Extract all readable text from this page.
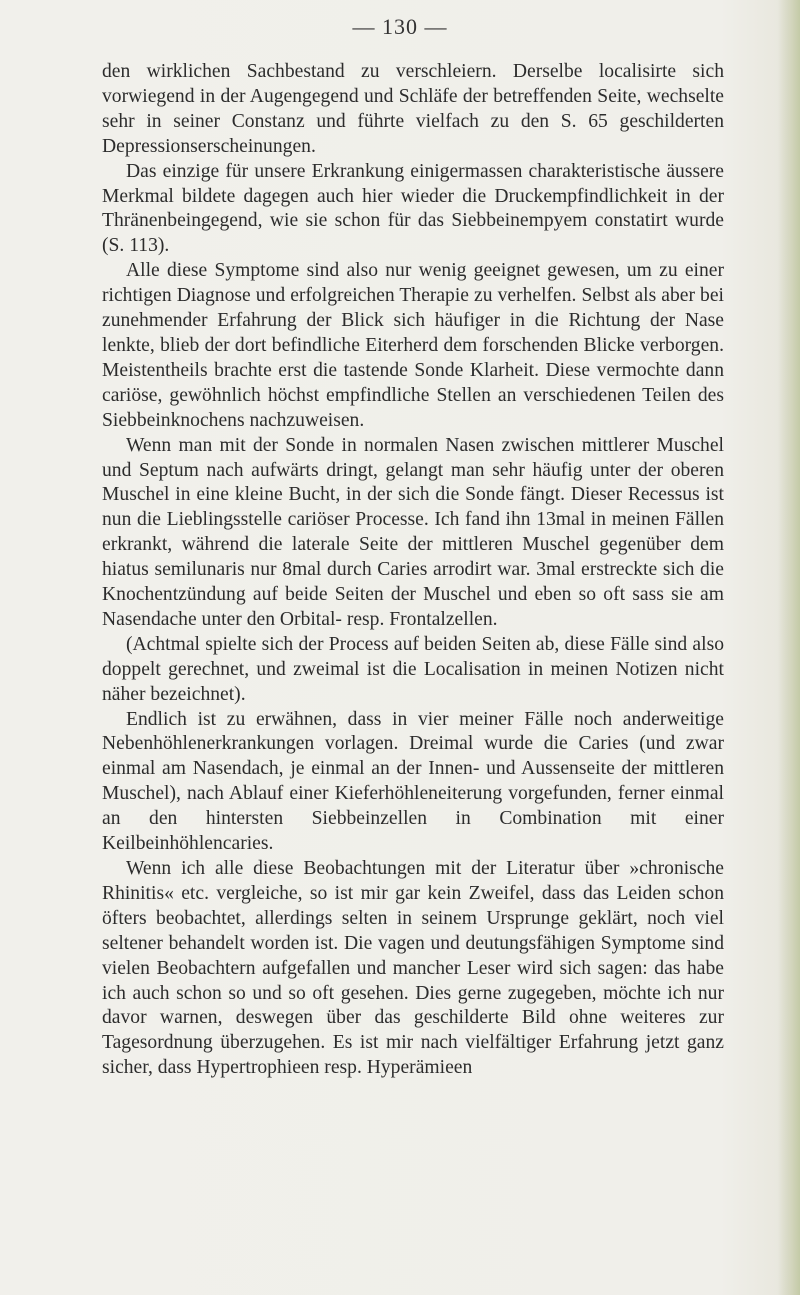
— 130 —

den wirklichen Sachbestand zu verschleiern. Derselbe localisirte sich vorwiegend in der Augengegend und Schläfe der betreffenden Seite, wechselte sehr in seiner Constanz und führte vielfach zu den S. 65 geschilderten Depressionserscheinungen.

Das einzige für unsere Erkrankung einigermassen charakteristische äussere Merkmal bildete dagegen auch hier wieder die Druckempfindlichkeit in der Thränenbeingegend, wie sie schon für das Siebbeinempyem constatirt wurde (S. 113).

Alle diese Symptome sind also nur wenig geeignet gewesen, um zu einer richtigen Diagnose und erfolgreichen Therapie zu verhelfen. Selbst als aber bei zunehmender Erfahrung der Blick sich häufiger in die Richtung der Nase lenkte, blieb der dort befindliche Eiterherd dem forschenden Blicke verborgen. Meistentheils brachte erst die tastende Sonde Klarheit. Diese vermochte dann cariöse, gewöhnlich höchst empfindliche Stellen an verschiedenen Teilen des Siebbeinknochens nachzuweisen.

Wenn man mit der Sonde in normalen Nasen zwischen mittlerer Muschel und Septum nach aufwärts dringt, gelangt man sehr häufig unter der oberen Muschel in eine kleine Bucht, in der sich die Sonde fängt. Dieser Recessus ist nun die Lieblingsstelle cariöser Processe. Ich fand ihn 13mal in meinen Fällen erkrankt, während die laterale Seite der mittleren Muschel gegenüber dem hiatus semilunaris nur 8mal durch Caries arrodirt war. 3mal erstreckte sich die Knochentzündung auf beide Seiten der Muschel und eben so oft sass sie am Nasendache unter den Orbital- resp. Frontalzellen.

(Achtmal spielte sich der Process auf beiden Seiten ab, diese Fälle sind also doppelt gerechnet, und zweimal ist die Localisation in meinen Notizen nicht näher bezeichnet).

Endlich ist zu erwähnen, dass in vier meiner Fälle noch anderweitige Nebenhöhlenerkrankungen vorlagen. Dreimal wurde die Caries (und zwar einmal am Nasendach, je einmal an der Innen- und Aussenseite der mittleren Muschel), nach Ablauf einer Kieferhöhleneiterung vorgefunden, ferner einmal an den hintersten Siebbeinzellen in Combination mit einer Keilbeinhöhlencaries.

Wenn ich alle diese Beobachtungen mit der Literatur über »chronische Rhinitis« etc. vergleiche, so ist mir gar kein Zweifel, dass das Leiden schon öfters beobachtet, allerdings selten in seinem Ursprunge geklärt, noch viel seltener behandelt worden ist. Die vagen und deutungsfähigen Symptome sind vielen Beobachtern aufgefallen und mancher Leser wird sich sagen: das habe ich auch schon so und so oft gesehen. Dies gerne zugegeben, möchte ich nur davor warnen, deswegen über das geschilderte Bild ohne weiteres zur Tagesordnung überzugehen. Es ist mir nach vielfältiger Erfahrung jetzt ganz sicher, dass Hypertrophieen resp. Hyperämieen
